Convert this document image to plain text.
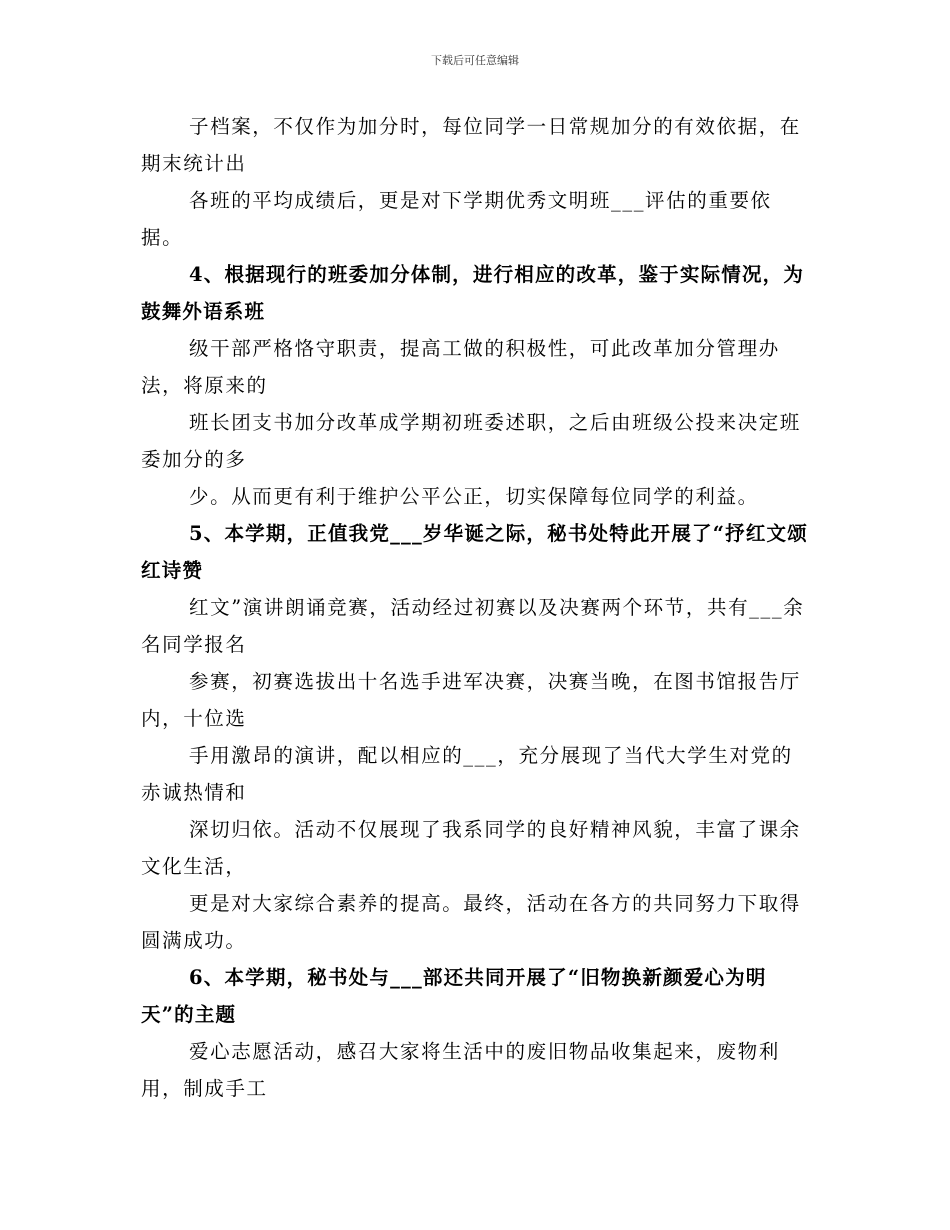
下载后可任意编辑

子档案，不仅作为加分时，每位同学一日常规加分的有效依据，在期末统计出

各班的平均成绩后，更是对下学期优秀文明班___评估的重要依据。

4、根据现行的班委加分体制，进行相应的改革，鉴于实际情况，为鼓舞外语系班

级干部严格恪守职责，提高工做的积极性，可此改革加分管理办法，将原来的

班长团支书加分改革成学期初班委述职，之后由班级公投来决定班委加分的多

少。从而更有利于维护公平公正，切实保障每位同学的利益。

5、本学期，正值我党___岁华诞之际，秘书处特此开展了“抒红文颂红诗赞

红文”演讲朗诵竞赛，活动经过初赛以及决赛两个环节，共有___余名同学报名

参赛，初赛选拔出十名选手进军决赛，决赛当晚，在图书馆报告厅内，十位选

手用激昂的演讲，配以相应的___，充分展现了当代大学生对党的赤诚热情和

深切归依。活动不仅展现了我系同学的良好精神风貌，丰富了课余文化生活，

更是对大家综合素养的提高。最终，活动在各方的共同努力下取得圆满成功。

6、本学期，秘书处与___部还共同开展了“旧物换新颜爱心为明天”的主题

爱心志愿活动，感召大家将生活中的废旧物品收集起来，废物利用，制成手工
